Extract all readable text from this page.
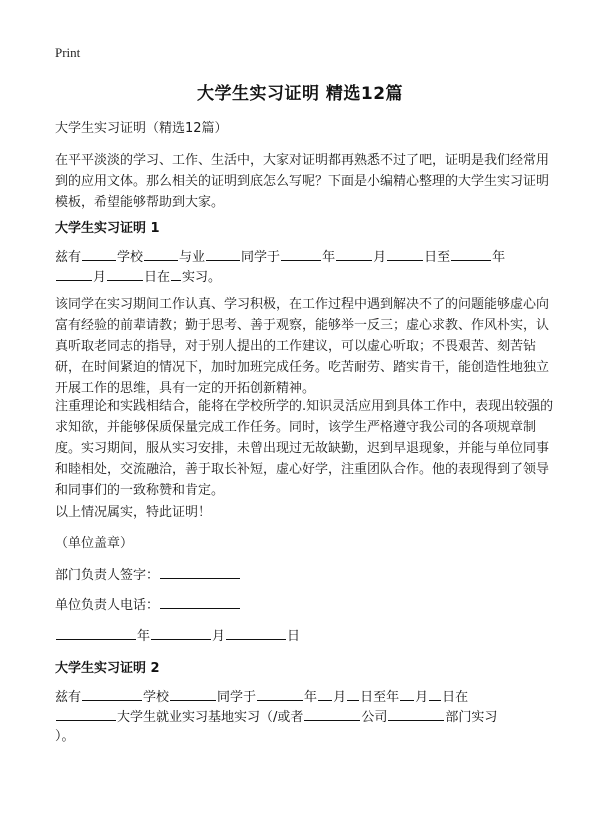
Print
大学生实习证明 精选12篇
大学生实习证明（精选12篇）
在平平淡淡的学习、工作、生活中，大家对证明都再熟悉不过了吧，证明是我们经常用到的应用文体。那么相关的证明到底怎么写呢？下面是小编精心整理的大学生实习证明模板，希望能够帮助到大家。
大学生实习证明 1
兹有	学校	与业	同学于	年	月	日至	年
月	日在 实习。
该同学在实习期间工作认真、学习积极，在工作过程中遇到解决不了的问题能够虚心向富有经验的前辈请教；勤于思考、善于观察，能够举一反三；虚心求教、作风朴实，认真听取老同志的指导，对于别人提出的工作建议，可以虚心听取；不畏艰苦、刻苦钻研，在时间紧迫的情况下，加时加班完成任务。吃苦耐劳、踏实肯干，能创造性地独立开展工作的思维，具有一定的开拓创新精神。
注重理论和实践相结合，能将在学校所学的.知识灵活应用到具体工作中，表现出较强的求知欲，并能够保质保量完成工作任务。同时，该学生严格遵守我公司的各项规章制度。实习期间，服从实习安排，未曾出现过无故缺勤，迟到早退现象，并能与单位同事和睦相处，交流融洽，善于取长补短，虚心好学，注重团队合作。他的表现得到了领导和同事们的一致称赞和肯定。
以上情况属实，特此证明！
（单位盖章）
部门负责人签字：
单位负责人电话：
年	月	日
大学生实习证明 2
兹有	学校	同学于	年 月 日至年 月 日在
大学生就业实习基地实习（/或者	公司	部门实习
）。
